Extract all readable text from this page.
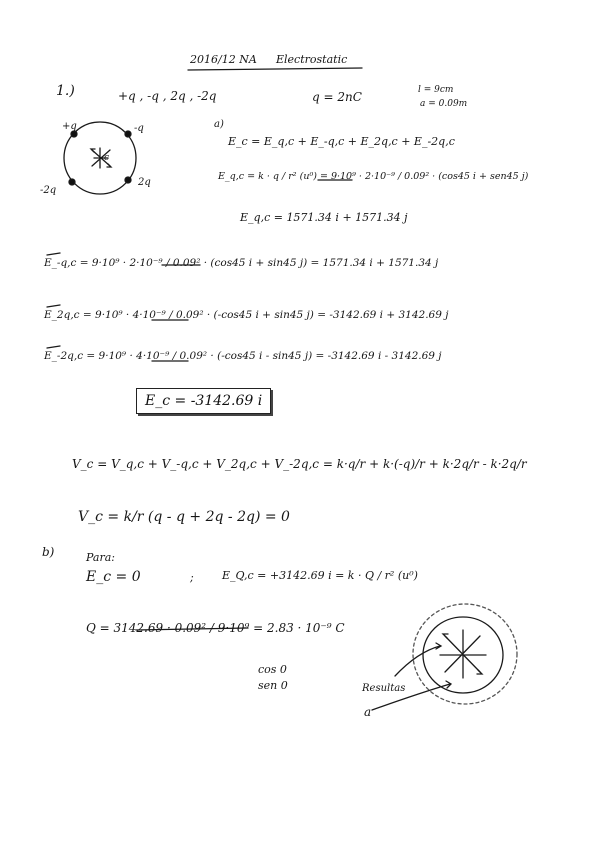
2016/12 NA Electrostatic
1.)	+q , -q , 2q , -2q	q = 2nC	l = 9cm
a = 0.09m
+q	-q
-2q
2q
c
a)
E_c = E_q,c + E_-q,c + E_2q,c + E_-2q,c
E_q,c = k · q / r² (u⁰) = 9·10⁹ · 2·10⁻⁹ / 0.09² · (cos45 i + sen45 j)
E_q,c = 1571.34 i + 1571.34 j
E_-q,c = 9·10⁹ · 2·10⁻⁹ / 0.09² · (cos45 i + sin45 j) = 1571.34 i + 1571.34 j
E_2q,c = 9·10⁹ · 4·10⁻⁹ / 0.09² · (-cos45 i + sin45 j) = -3142.69 i + 3142.69 j
E_-2q,c = 9·10⁹ · 4·10⁻⁹ / 0.09² · (-cos45 i - sin45 j) = -3142.69 i - 3142.69 j
E_c = -3142.69 i
V_c = V_q,c + V_-q,c + V_2q,c + V_-2q,c = k·q/r + k·(-q)/r + k·2q/r - k·2q/r
V_c = k/r (q - q + 2q - 2q) = 0
b)	Para:
E_c = 0	;	E_Q,c = +3142.69 i = k · Q / r² (u⁰)
Q = 3142.69 · 0.09² / 9·10⁹ = 2.83 · 10⁻⁹ C
cos 0
sen 0	Resultas
a
